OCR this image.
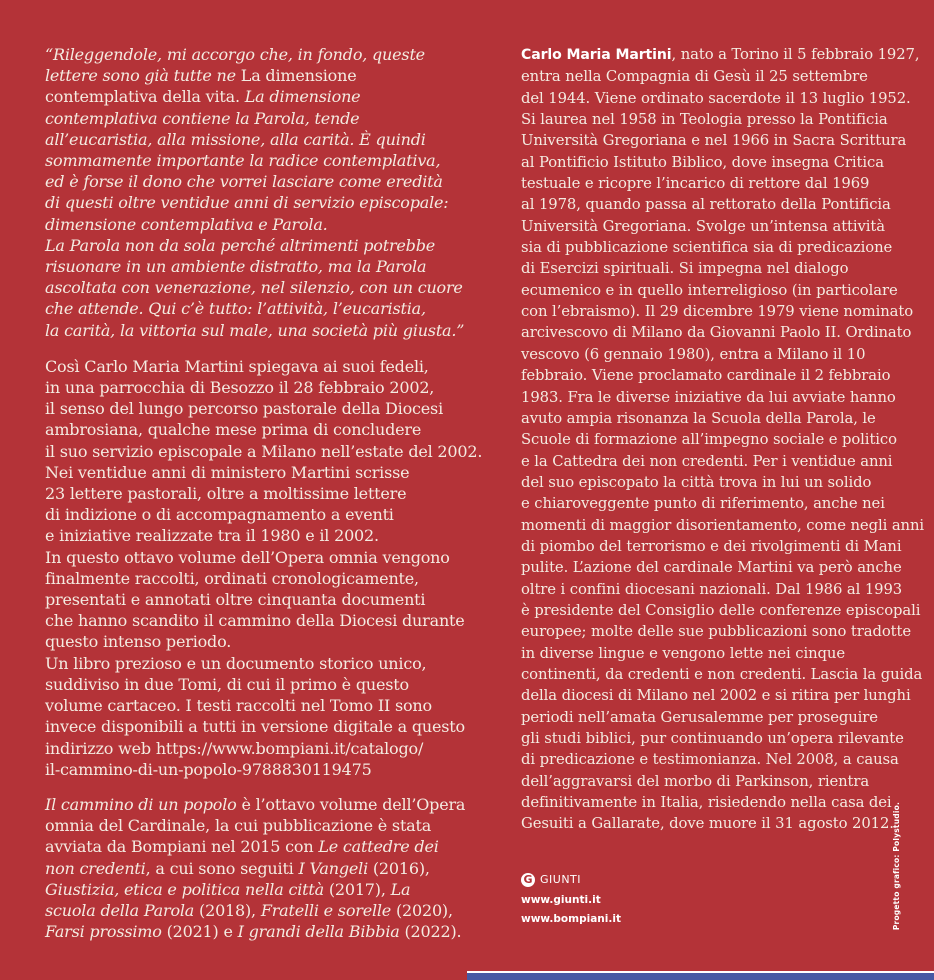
“Rileggendole, mi accorgo che, in fondo, queste
lettere sono già tutte ne La dimensione
contemplativa della vita. La dimensione
contemplativa contiene la Parola, tende
all’eucaristia, alla missione, alla carità. È quindi
sommamente importante la radice contemplativa,
ed è forse il dono che vorrei lasciare come eredità
di questi oltre ventidue anni di servizio episcopale:
dimensione contemplativa e Parola.
La Parola non da sola perché altrimenti potrebbe
risuonare in un ambiente distratto, ma la Parola
ascoltata con venerazione, nel silenzio, con un cuore
che attende. Qui c’è tutto: l’attività, l’eucaristia,
la carità, la vittoria sul male, una società più giusta.”
Così Carlo Maria Martini spiegava ai suoi fedeli,
in una parrocchia di Besozzo il 28 febbraio 2002,
il senso del lungo percorso pastorale della Diocesi
ambrosiana, qualche mese prima di concludere
il suo servizio episcopale a Milano nell’estate del 2002.
Nei ventidue anni di ministero Martini scrisse
23 lettere pastorali, oltre a moltissime lettere
di indizione o di accompagnamento a eventi
e iniziative realizzate tra il 1980 e il 2002.
In questo ottavo volume dell’Opera omnia vengono
finalmente raccolti, ordinati cronologicamente,
presentati e annotati oltre cinquanta documenti
che hanno scandito il cammino della Diocesi durante
questo intenso periodo.
Un libro prezioso e un documento storico unico,
suddiviso in due Tomi, di cui il primo è questo
volume cartaceo. I testi raccolti nel Tomo II sono
invece disponibili a tutti in versione digitale a questo
indirizzo web https://www.bompiani.it/catalogo/
il-cammino-di-un-popolo-9788830119475
Il cammino di un popolo è l’ottavo volume dell’Opera
omnia del Cardinale, la cui pubblicazione è stata
avviata da Bompiani nel 2015 con Le cattedre dei
non credenti, a cui sono seguiti I Vangeli (2016),
Giustizia, etica e politica nella città (2017), La
scuola della Parola (2018), Fratelli e sorelle (2020),
Farsi prossimo (2021) e I grandi della Bibbia (2022).
Carlo Maria Martini, nato a Torino il 5 febbraio 1927,
entra nella Compagnia di Gesù il 25 settembre
del 1944. Viene ordinato sacerdote il 13 luglio 1952.
Si laurea nel 1958 in Teologia presso la Pontificia
Università Gregoriana e nel 1966 in Sacra Scrittura
al Pontificio Istituto Biblico, dove insegna Critica
testuale e ricopre l’incarico di rettore dal 1969
al 1978, quando passa al rettorato della Pontificia
Università Gregoriana. Svolge un’intensa attività
sia di pubblicazione scientifica sia di predicazione
di Esercizi spirituali. Si impegna nel dialogo
ecumenico e in quello interreligioso (in particolare
con l’ebraismo). Il 29 dicembre 1979 viene nominato
arcivescovo di Milano da Giovanni Paolo II. Ordinato
vescovo (6 gennaio 1980), entra a Milano il 10
febbraio. Viene proclamato cardinale il 2 febbraio
1983. Fra le diverse iniziative da lui avviate hanno
avuto ampia risonanza la Scuola della Parola, le
Scuole di formazione all’impegno sociale e politico
e la Cattedra dei non credenti. Per i ventidue anni
del suo episcopato la città trova in lui un solido
e chiaroveggente punto di riferimento, anche nei
momenti di maggior disorientamento, come negli anni
di piombo del terrorismo e dei rivolgimenti di Mani
pulite. L’azione del cardinale Martini va però anche
oltre i confini diocesani nazionali. Dal 1986 al 1993
è presidente del Consiglio delle conferenze episcopali
europee; molte delle sue pubblicazioni sono tradotte
in diverse lingue e vengono lette nei cinque
continenti, da credenti e non credenti. Lascia la guida
della diocesi di Milano nel 2002 e si ritira per lunghi
periodi nell’amata Gerusalemme per proseguire
gli studi biblici, pur continuando un’opera rilevante
di predicazione e testimonianza. Nel 2008, a causa
dell’aggravarsi del morbo di Parkinson, rientra
definitivamente in Italia, risiedendo nella casa dei
Gesuiti a Gallarate, dove muore il 31 agosto 2012.
G GIUNTI
www.giunti.it
www.bompiani.it	Progetto grafico: Polystudio.
